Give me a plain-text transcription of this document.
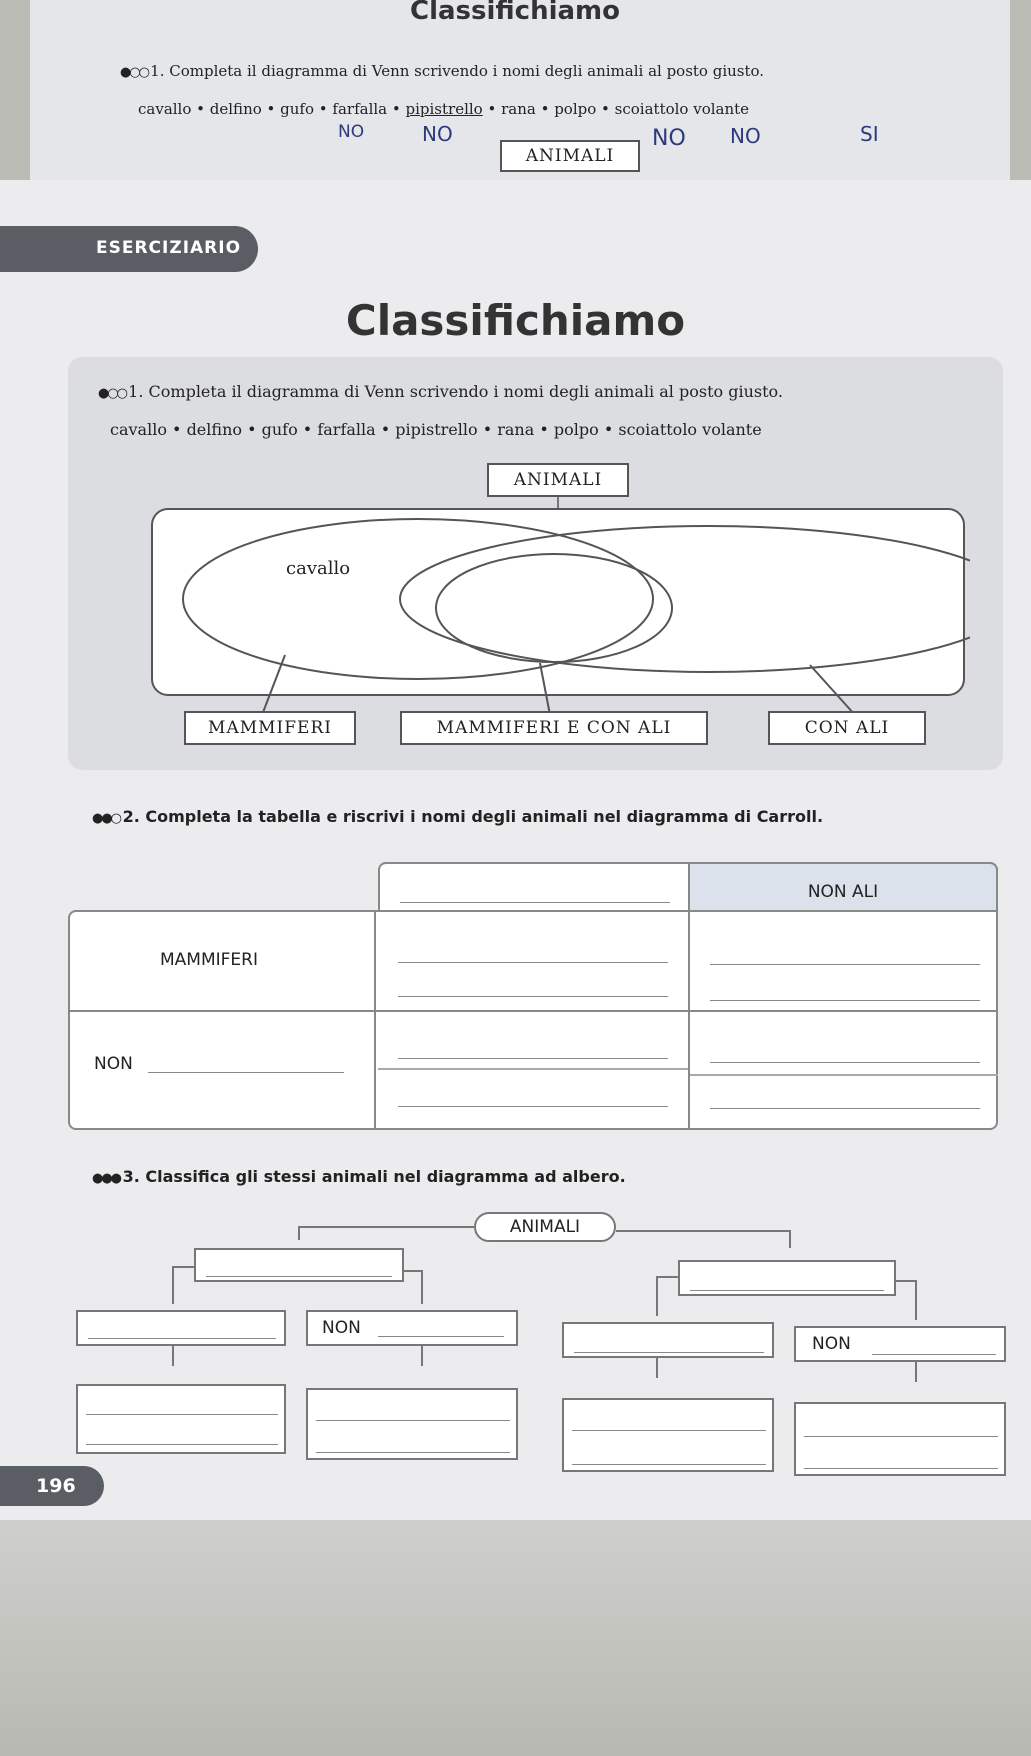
Classifichiamo
●○○ 1. Completa il diagramma di Venn scrivendo i nomi degli animali al posto giusto.
cavallo • delfino • gufo • farfalla • pipistrello • rana • polpo • scoiattolo volante
NO	NO
ANIMALI
NO NO	SI
ESERCIZIARIO
Classifichiamo
●○○ 1. Completa il diagramma di Venn scrivendo i nomi degli animali al posto giusto.
cavallo • delfino • gufo • farfalla • pipistrello • rana • polpo • scoiattolo volante
ANIMALI
cavallo
MAMMIFERI	MAMMIFERI E CON ALI	CON ALI
●●○ 2. Completa la tabella e riscrivi i nomi degli animali nel diagramma di Carroll.
NON ALI
MAMMIFERI
NON
●●● 3. Classifica gli stessi animali nel diagramma ad albero.
ANIMALI
NON
NON
196
